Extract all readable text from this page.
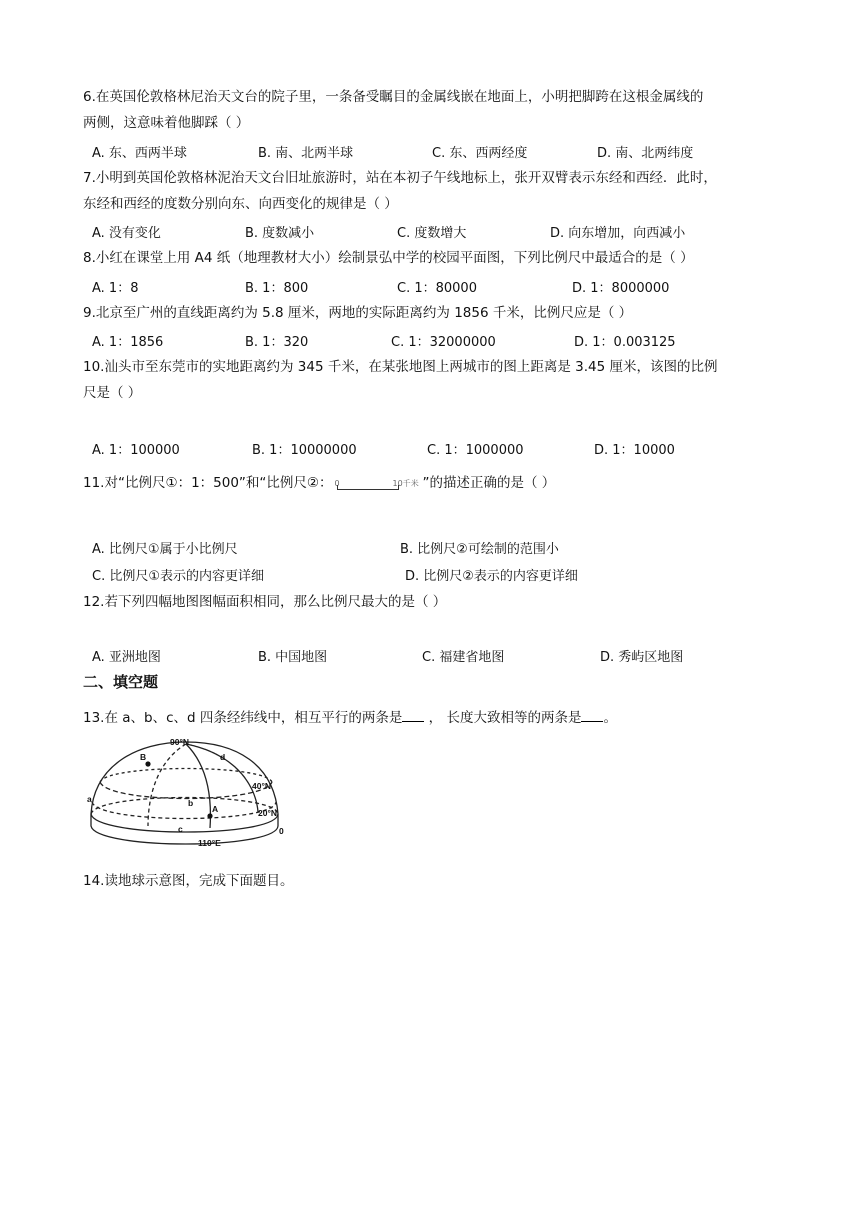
6.在英国伦敦格林尼治天文台的院子里，一条备受瞩目的金属线嵌在地面上，小明把脚跨在这根金属线的
两侧，这意味着他脚踩（ ）
A. 东、西两半球	B. 南、北两半球	C. 东、西两经度	D. 南、北两纬度
7.小明到英国伦敦格林泥治天文台旧址旅游时，站在本初子午线地标上，张开双臂表示东经和西经．此时，
东经和西经的度数分别向东、向西变化的规律是（ ）
A. 没有变化	B. 度数减小	C. 度数增大	D. 向东增加，向西减小
8.小红在课堂上用 A4 纸（地理教材大小）绘制景弘中学的校园平面图，下列比例尺中最适合的是（ ）
A. 1：8	B. 1：800	C. 1：80000	D. 1：8000000
9.北京至广州的直线距离约为 5.8 厘米，两地的实际距离约为 1856 千米，比例尺应是（ ）
A. 1：1856	B. 1：320	C. 1：32000000	D. 1：0.003125
10.汕头市至东莞市的实地距离约为 345 千米，在某张地图上两城市的图上距离是 3.45 厘米，该图的比例
尺是（ ）
A. 1：100000	B. 1：10000000	C. 1：1000000	D. 1：10000
11.对“比例尺①：1：500”和“比例尺②： 0	10千米 ”的描述正确的是（ ）
A. 比例尺①属于小比例尺	B. 比例尺②可绘制的范围小
C. 比例尺①表示的内容更详细	D. 比例尺②表示的内容更详细
12.若下列四幅地图图幅面积相同，那么比例尺最大的是（ ）
A. 亚洲地图	B. 中国地图	C. 福建省地图	D. 秀屿区地图
二、填空题
13.在 a、b、c、d 四条经纬线中，相互平行的两条是 ， 长度大致相等的两条是 。
90°N
40°N
20°N
0
110°E
a	b
c
d
B
A
14.读地球示意图，完成下面题目。
